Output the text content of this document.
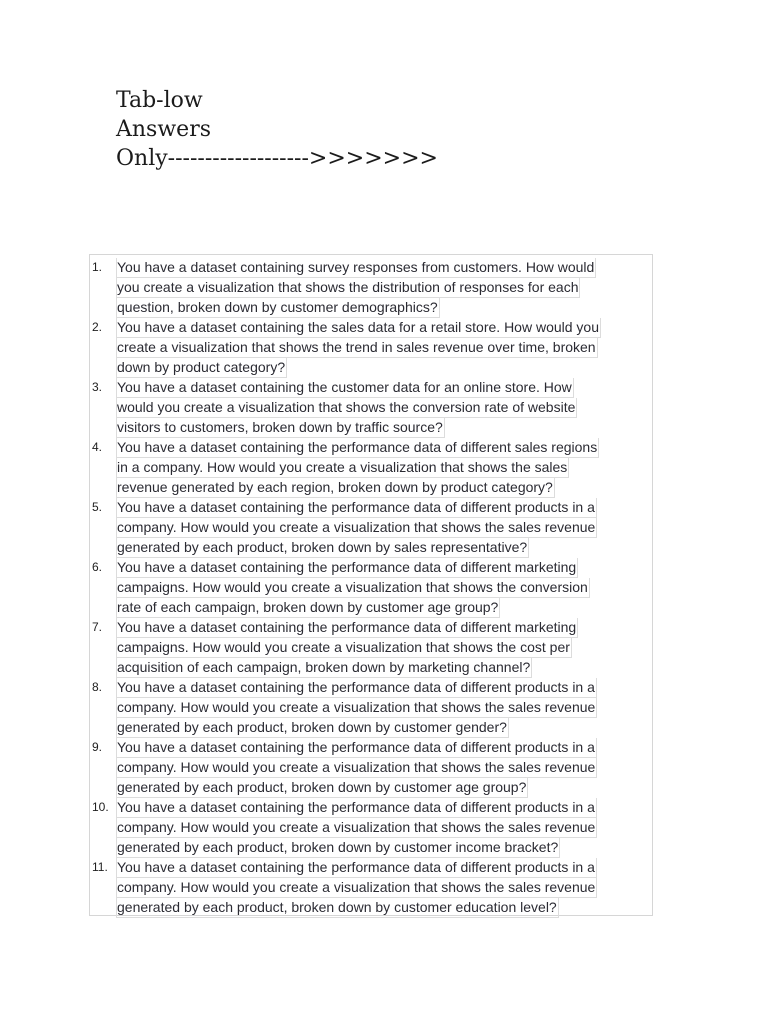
Tab-low
Answers
Only------------------->>>>>>>
1.	You have a dataset containing survey responses from customers. How would
you create a visualization that shows the distribution of responses for each
question, broken down by customer demographics?
2.	You have a dataset containing the sales data for a retail store. How would you
create a visualization that shows the trend in sales revenue over time, broken
down by product category?
3.	You have a dataset containing the customer data for an online store. How
would you create a visualization that shows the conversion rate of website
visitors to customers, broken down by traffic source?
4.	You have a dataset containing the performance data of different sales regions
in a company. How would you create a visualization that shows the sales
revenue generated by each region, broken down by product category?
5.	You have a dataset containing the performance data of different products in a
company. How would you create a visualization that shows the sales revenue
generated by each product, broken down by sales representative?
6.	You have a dataset containing the performance data of different marketing
campaigns. How would you create a visualization that shows the conversion
rate of each campaign, broken down by customer age group?
7.	You have a dataset containing the performance data of different marketing
campaigns. How would you create a visualization that shows the cost per
acquisition of each campaign, broken down by marketing channel?
8.	You have a dataset containing the performance data of different products in a
company. How would you create a visualization that shows the sales revenue
generated by each product, broken down by customer gender?
9.	You have a dataset containing the performance data of different products in a
company. How would you create a visualization that shows the sales revenue
generated by each product, broken down by customer age group?
10. You have a dataset containing the performance data of different products in a
company. How would you create a visualization that shows the sales revenue
generated by each product, broken down by customer income bracket?
11. You have a dataset containing the performance data of different products in a
company. How would you create a visualization that shows the sales revenue
generated by each product, broken down by customer education level?
